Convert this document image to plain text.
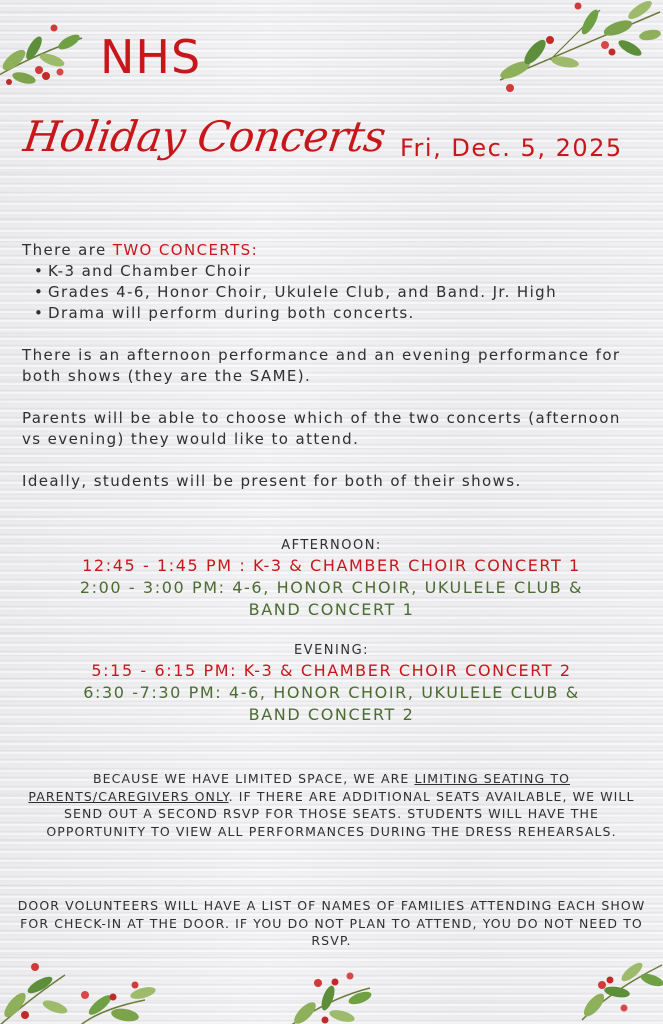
NHS
Holiday Concerts Fri, Dec. 5, 2025
There are TWO CONCERTS:
• K-3 and Chamber Choir
• Grades 4-6, Honor Choir, Ukulele Club, and Band. Jr. High
• Drama will perform during both concerts.

There is an afternoon performance and an evening performance for both shows (they are the SAME).

Parents will be able to choose which of the two concerts (afternoon vs evening) they would like to attend.

Ideally, students will be present for both of their shows.

AFTERNOON:
12:45 - 1:45 PM : K-3 & CHAMBER CHOIR CONCERT 1
2:00 - 3:00 PM: 4-6, HONOR CHOIR, UKULELE CLUB &
BAND CONCERT 1
EVENING:
5:15 - 6:15 PM: K-3 & CHAMBER CHOIR CONCERT 2
6:30 -7:30 PM: 4-6, HONOR CHOIR, UKULELE CLUB &
BAND CONCERT 2
BECAUSE WE HAVE LIMITED SPACE, WE ARE LIMITING SEATING TO PARENTS/CAREGIVERS ONLY. IF THERE ARE ADDITIONAL SEATS AVAILABLE, WE WILL SEND OUT A SECOND RSVP FOR THOSE SEATS. STUDENTS WILL HAVE THE OPPORTUNITY TO VIEW ALL PERFORMANCES DURING THE DRESS REHEARSALS.
DOOR VOLUNTEERS WILL HAVE A LIST OF NAMES OF FAMILIES ATTENDING EACH SHOW FOR CHECK-IN AT THE DOOR. IF YOU DO NOT PLAN TO ATTEND, YOU DO NOT NEED TO RSVP.
